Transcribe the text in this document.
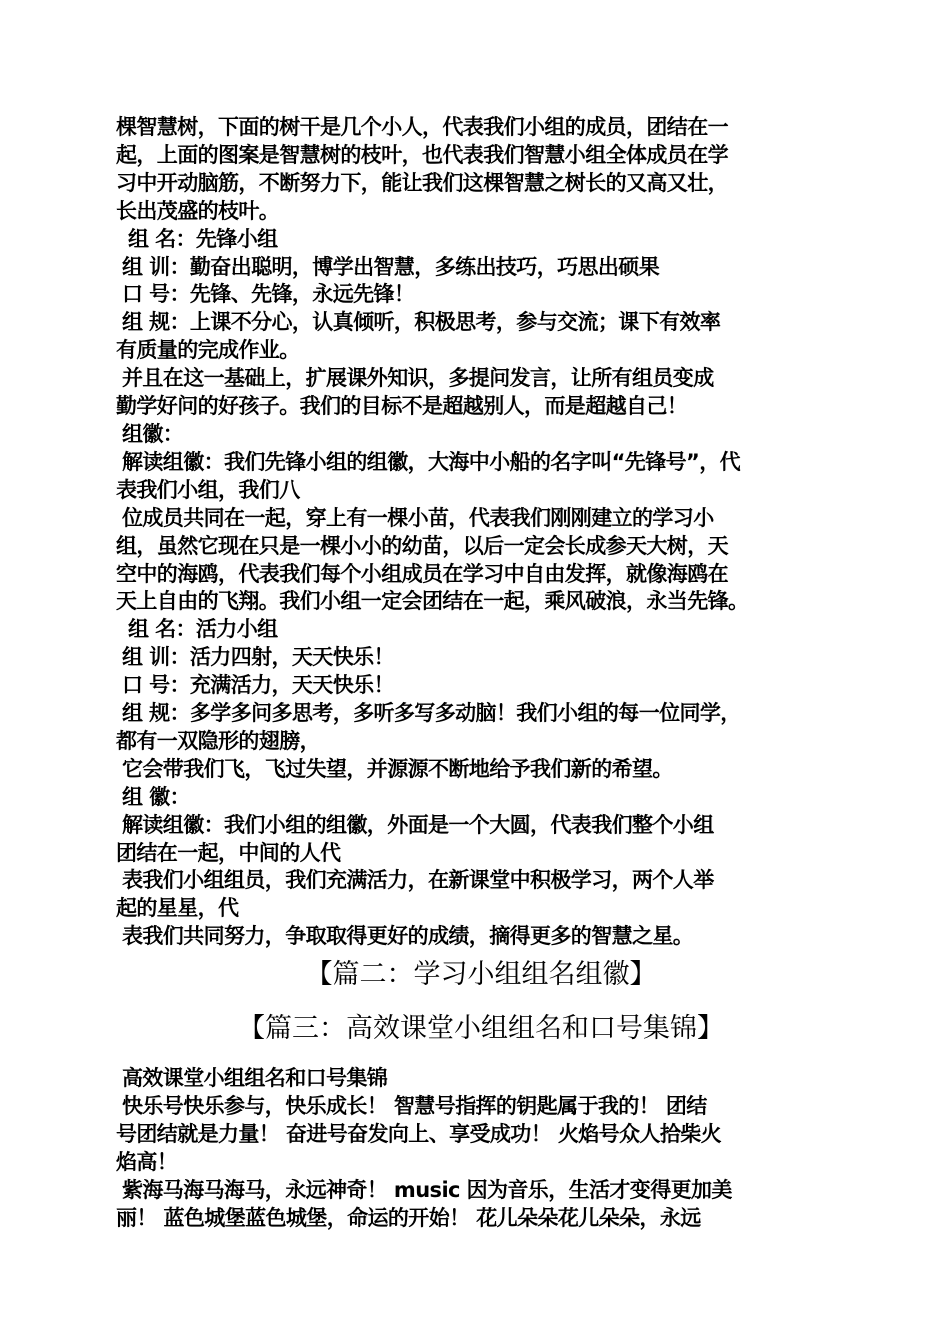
棵智慧树，下面的树干是几个小人，代表我们小组的成员，团结在一
起，上面的图案是智慧树的枝叶，也代表我们智慧小组全体成员在学
习中开动脑筋，不断努力下，能让我们这棵智慧之树长的又高又壮，
长出茂盛的枝叶。
组 名：先锋小组
组 训：勤奋出聪明，博学出智慧，多练出技巧，巧思出硕果
口 号：先锋、先锋，永远先锋！
组 规：上课不分心，认真倾听，积极思考，参与交流；课下有效率
有质量的完成作业。
并且在这一基础上，扩展课外知识，多提问发言，让所有组员变成
勤学好问的好孩子。我们的目标不是超越别人，而是超越自己！
组徽：
解读组徽：我们先锋小组的组徽，大海中小船的名字叫“先锋号”，代
表我们小组，我们八
位成员共同在一起，穿上有一棵小苗，代表我们刚刚建立的学习小
组，虽然它现在只是一棵小小的幼苗，以后一定会长成参天大树，天
空中的海鸥，代表我们每个小组成员在学习中自由发挥，就像海鸥在
天上自由的飞翔。我们小组一定会团结在一起，乘风破浪，永当先锋。
组 名：活力小组
组 训：活力四射，天天快乐！
口 号：充满活力，天天快乐！
组 规：多学多问多思考，多听多写多动脑！我们小组的每一位同学，
都有一双隐形的翅膀，
它会带我们飞，飞过失望，并源源不断地给予我们新的希望。
组 徽：
解读组徽：我们小组的组徽，外面是一个大圆，代表我们整个小组
团结在一起，中间的人代
表我们小组组员，我们充满活力，在新课堂中积极学习，两个人举
起的星星，代
表我们共同努力，争取取得更好的成绩，摘得更多的智慧之星。
【篇二：学习小组组名组徽】
【篇三：高效课堂小组组名和口号集锦】
高效课堂小组组名和口号集锦
快乐号快乐参与，快乐成长！ 智慧号指挥的钥匙属于我的！ 团结
号团结就是力量！ 奋进号奋发向上、享受成功！ 火焰号众人拾柴火
焰高！
紫海马海马海马，永远神奇！ music 因为音乐，生活才变得更加美
丽！ 蓝色城堡蓝色城堡，命运的开始！ 花儿朵朵花儿朵朵，永远
